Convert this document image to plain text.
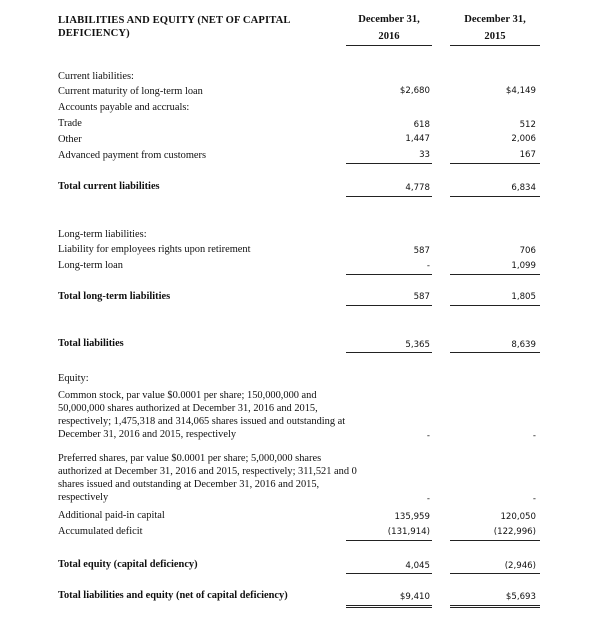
LIABILITIES AND EQUITY (NET OF CAPITAL
DEFICIENCY)
December 31,
2016
December 31,
2015
Current liabilities:
Current maturity of long-term loan	$2,680	$4,149
Accounts payable and accruals:
Trade	618	512
Other	1,447	2,006
Advanced payment from customers	33	167
Total current liabilities	4,778	6,834
Long-term liabilities:
Liability for employees rights upon retirement	587	706
Long-term loan	-	1,099
Total long-term liabilities	587	1,805
Total liabilities	5,365	8,639
Equity:
Common stock, par value $0.0001 per share; 150,000,000 and 50,000,000 shares authorized at December 31, 2016 and 2015, respectively; 1,475,318 and 314,065 shares issued and outstanding at December 31, 2016 and 2015, respectively	-	-
Preferred shares, par value $0.0001 per share; 5,000,000 shares authorized at December 31, 2016 and 2015, respectively; 311,521 and 0 shares issued and outstanding at December 31, 2016 and 2015, respectively	-	-
Additional paid-in capital	135,959	120,050
Accumulated deficit	(131,914)	(122,996)
Total equity (capital deficiency)	4,045	(2,946)
Total liabilities and equity (net of capital deficiency)	$9,410	$5,693
